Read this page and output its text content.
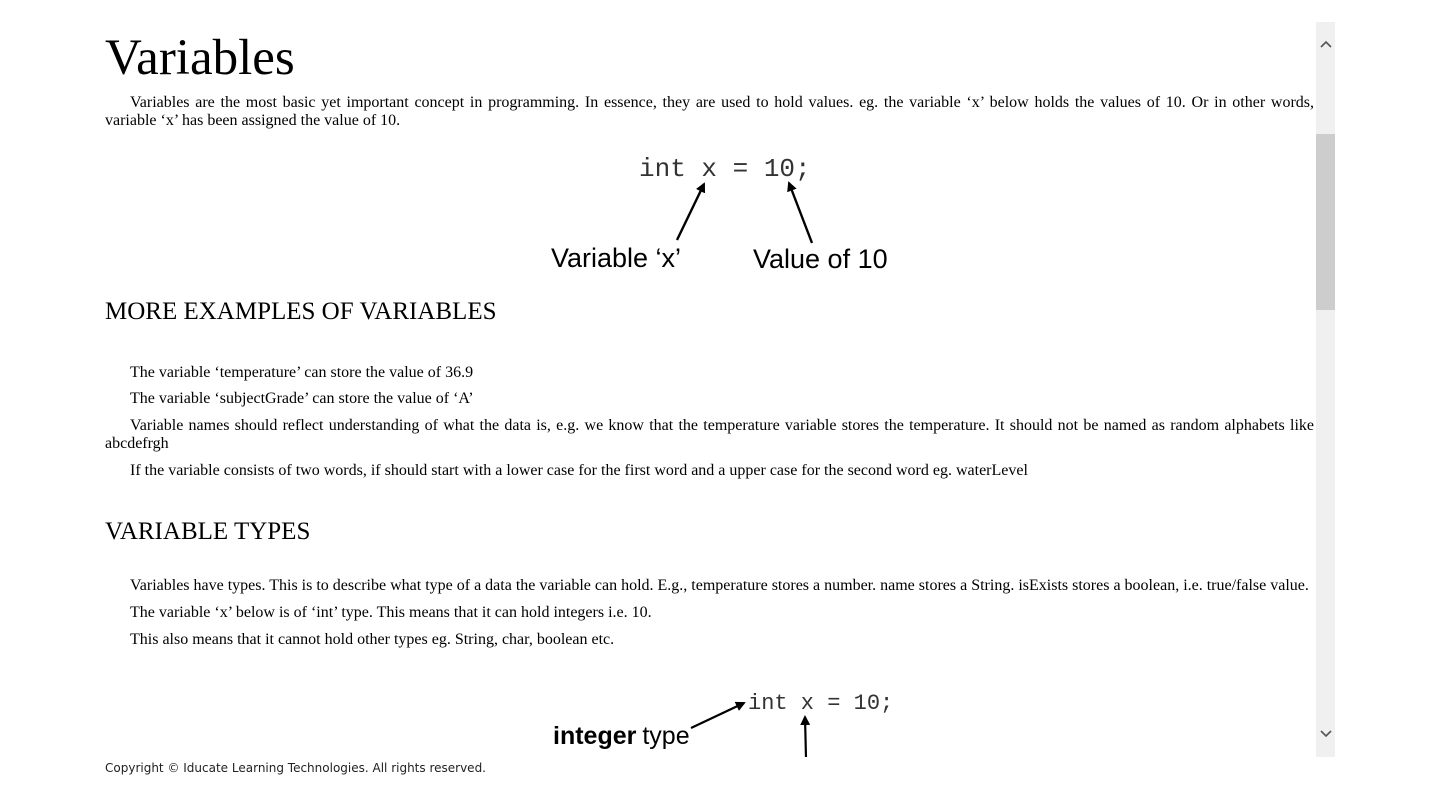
Variables

Variables are the most basic yet important concept in programming. In essence, they are used to hold values. eg. the variable ‘x’ below holds the values of 10. Or in other words, variable ‘x’ has been assigned the value of 10.

int x = 10;
Variable ‘x’	Value of 10
MORE EXAMPLES OF VARIABLES

The variable ‘temperature’ can store the value of 36.9

The variable ‘subjectGrade’ can store the value of ‘A’

Variable names should reflect understanding of what the data is, e.g. we know that the temperature variable stores the temperature. It should not be named as random alphabets like abcdefrgh

If the variable consists of two words, if should start with a lower case for the first word and a upper case for the second word eg. waterLevel

VARIABLE TYPES

Variables have types. This is to describe what type of a data the variable can hold. E.g., temperature stores a number. name stores a String. isExists stores a boolean, i.e. true/false value.

The variable ‘x’ below is of ‘int’ type. This means that it can hold integers i.e. 10.

This also means that it cannot hold other types eg. String, char, boolean etc.

int x = 10;
integer type
Copyright © Iducate Learning Technologies. All rights reserved.
